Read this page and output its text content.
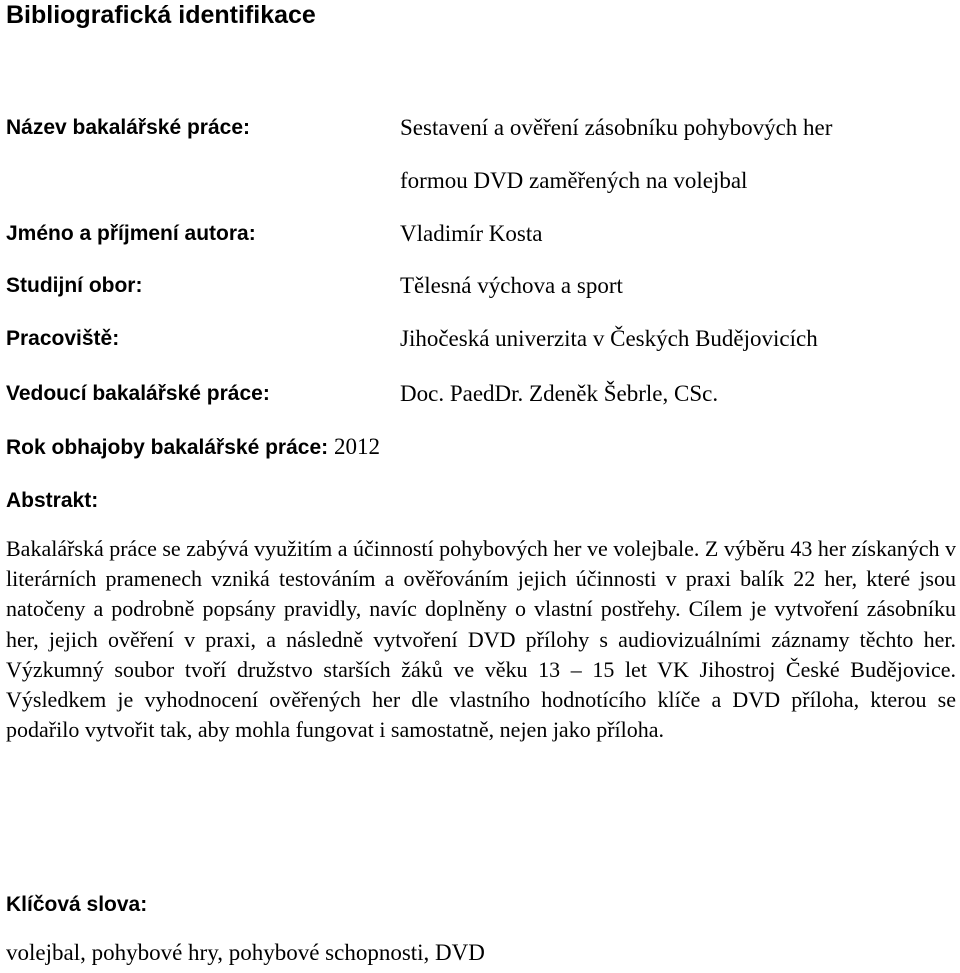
Bibliografická identifikace
Název bakalářské práce:	Sestavení a ověření zásobníku pohybových her
formou DVD zaměřených na volejbal
Jméno a příjmení autora:	Vladimír Kosta
Studijní obor:	Tělesná výchova a sport
Pracoviště:	Jihočeská univerzita v Českých Budějovicích
Vedoucí bakalářské práce:	Doc. PaedDr. Zdeněk Šebrle, CSc.
Rok obhajoby bakalářské práce: 2012
Abstrakt:

Bakalářská práce se zabývá využitím a účinností pohybových her ve volejbale. Z výběru 43 her získaných v literárních pramenech vzniká testováním a ověřováním jejich účinnosti v praxi balík 22 her, které jsou natočeny a podrobně popsány pravidly, navíc doplněny o vlastní postřehy. Cílem je vytvoření zásobníku her, jejich ověření v praxi, a následně vytvoření DVD přílohy s audiovizuálními záznamy těchto her. Výzkumný soubor tvoří družstvo starších žáků ve věku 13 – 15 let VK Jihostroj České Budějovice. Výsledkem je vyhodnocení ověřených her dle vlastního hodnotícího klíče a DVD příloha, kterou se podařilo vytvořit tak, aby mohla fungovat i samostatně, nejen jako příloha.

Klíčová slova:
volejbal, pohybové hry, pohybové schopnosti, DVD
